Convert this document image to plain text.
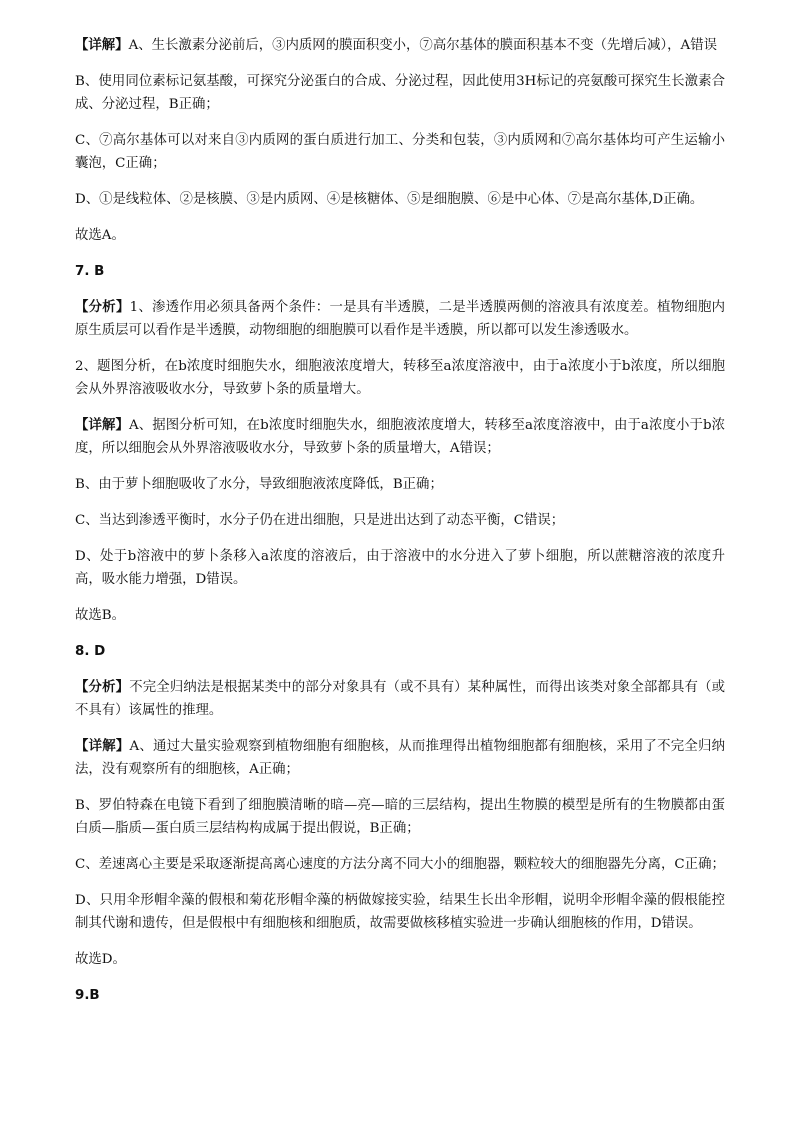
【详解】A、生长激素分泌前后，③内质网的膜面积变小，⑦高尔基体的膜面积基本不变（先增后减），A错误

B、使用同位素标记氨基酸，可探究分泌蛋白的合成、分泌过程，因此使用3H标记的亮氨酸可探究生长激素合成、分泌过程，B正确；

C、⑦高尔基体可以对来自③内质网的蛋白质进行加工、分类和包装，③内质网和⑦高尔基体均可产生运输小囊泡，C正确；

D、①是线粒体、②是核膜、③是内质网、④是核糖体、⑤是细胞膜、⑥是中心体、⑦是高尔基体,D正确。

故选A。

7. B

【分析】1、渗透作用必须具备两个条件：一是具有半透膜，二是半透膜两侧的溶液具有浓度差。植物细胞内原生质层可以看作是半透膜，动物细胞的细胞膜可以看作是半透膜，所以都可以发生渗透吸水。

2、题图分析，在b浓度时细胞失水，细胞液浓度增大，转移至a浓度溶液中，由于a浓度小于b浓度，所以细胞会从外界溶液吸收水分，导致萝卜条的质量增大。

【详解】A、据图分析可知，在b浓度时细胞失水，细胞液浓度增大，转移至a浓度溶液中，由于a浓度小于b浓度，所以细胞会从外界溶液吸收水分，导致萝卜条的质量增大，A错误；

B、由于萝卜细胞吸收了水分，导致细胞液浓度降低，B正确；

C、当达到渗透平衡时，水分子仍在进出细胞，只是进出达到了动态平衡，C错误；

D、处于b溶液中的萝卜条移入a浓度的溶液后，由于溶液中的水分进入了萝卜细胞，所以蔗糖溶液的浓度升高，吸水能力增强，D错误。

故选B。

8. D

【分析】不完全归纳法是根据某类中的部分对象具有（或不具有）某种属性，而得出该类对象全部都具有（或不具有）该属性的推理。

【详解】A、通过大量实验观察到植物细胞有细胞核，从而推理得出植物细胞都有细胞核，采用了不完全归纳法，没有观察所有的细胞核，A正确；

B、罗伯特森在电镜下看到了细胞膜清晰的暗—亮—暗的三层结构，提出生物膜的模型是所有的生物膜都由蛋白质—脂质—蛋白质三层结构构成属于提出假说，B正确；

C、差速离心主要是采取逐渐提高离心速度的方法分离不同大小的细胞器，颗粒较大的细胞器先分离，C正确；

D、只用伞形帽伞藻的假根和菊花形帽伞藻的柄做嫁接实验，结果生长出伞形帽，说明伞形帽伞藻的假根能控制其代谢和遗传，但是假根中有细胞核和细胞质，故需要做核移植实验进一步确认细胞核的作用，D错误。

故选D。

9.B
